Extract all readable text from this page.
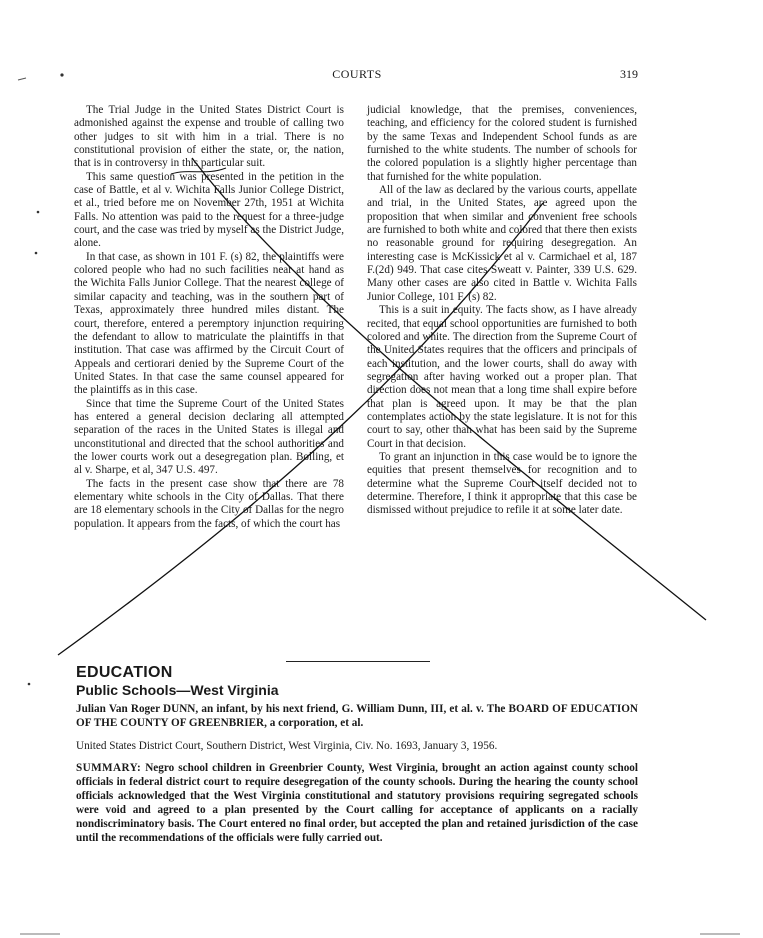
COURTS	319

The Trial Judge in the United States District Court is admonished against the expense and trouble of calling two other judges to sit with him in a trial. There is no constitutional provision of either the state, or, the nation, that is in controversy in this particular suit.

This same question was presented in the petition in the case of Battle, et al v. Wichita Falls Junior College District, et al., tried before me on November 27th, 1951 at Wichita Falls. No attention was paid to the request for a three-judge court, and the case was tried by myself as the District Judge, alone.

In that case, as shown in 101 F. (s) 82, the plaintiffs were colored people who had no such facilities near at hand as the Wichita Falls Junior College. That the nearest college of similar capacity and teaching, was in the southern part of Texas, approximately three hundred miles distant. The court, therefore, entered a peremptory injunction requiring the defendant to allow to matriculate the plaintiffs in that institution. That case was affirmed by the Circuit Court of Appeals and certiorari denied by the Supreme Court of the United States. In that case the same counsel appeared for the plaintiffs as in this case.

Since that time the Supreme Court of the United States has entered a general decision declaring all attempted separation of the races in the United States is illegal and unconstitutional and directed that the school authorities and the lower courts work out a desegregation plan. Bolling, et al v. Sharpe, et al, 347 U.S. 497.

The facts in the present case show that there are 78 elementary white schools in the City of Dallas. That there are 18 elementary schools in the City of Dallas for the negro population. It appears from the facts, of which the court has

judicial knowledge, that the premises, conveniences, teaching, and efficiency for the colored student is furnished by the same Texas and Independent School funds as are furnished to the white students. The number of schools for the colored population is a slightly higher percentage than that furnished for the white population.

All of the law as declared by the various courts, appellate and trial, in the United States, are agreed upon the proposition that when similar and convenient free schools are furnished to both white and colored that there then exists no reasonable ground for requiring desegregation. An interesting case is McKissick et al v. Carmichael et al, 187 F.(2d) 949. That case cites Sweatt v. Painter, 339 U.S. 629. Many other cases are also cited in Battle v. Wichita Falls Junior College, 101 F. (s) 82.

This is a suit in equity. The facts show, as I have already recited, that equal school opportunities are furnished to both colored and white. The direction from the Supreme Court of the United States requires that the officers and principals of each institution, and the lower courts, shall do away with segregation after having worked out a proper plan. That direction does not mean that a long time shall expire before that plan is agreed upon. It may be that the plan contemplates action by the state legislature. It is not for this court to say, other than what has been said by the Supreme Court in that decision.

To grant an injunction in this case would be to ignore the equities that present themselves for recognition and to determine what the Supreme Court itself decided not to determine. Therefore, I think it appropriate that this case be dismissed without prejudice to refile it at some later date.

EDUCATION
Public Schools—West Virginia
Julian Van Roger DUNN, an infant, by his next friend, G. William Dunn, III, et al. v. The BOARD OF EDUCATION OF THE COUNTY OF GREENBRIER, a corporation, et al.
United States District Court, Southern District, West Virginia, Civ. No. 1693, January 3, 1956.
SUMMARY: Negro school children in Greenbrier County, West Virginia, brought an action against county school officials in federal district court to require desegregation of the county schools. During the hearing the county school officials acknowledged that the West Virginia constitutional and statutory provisions requiring segregated schools were void and agreed to a plan presented by the Court calling for acceptance of applicants on a racially nondiscriminatory basis. The Court entered no final order, but accepted the plan and retained jurisdiction of the case until the recommendations of the officials were fully carried out.
